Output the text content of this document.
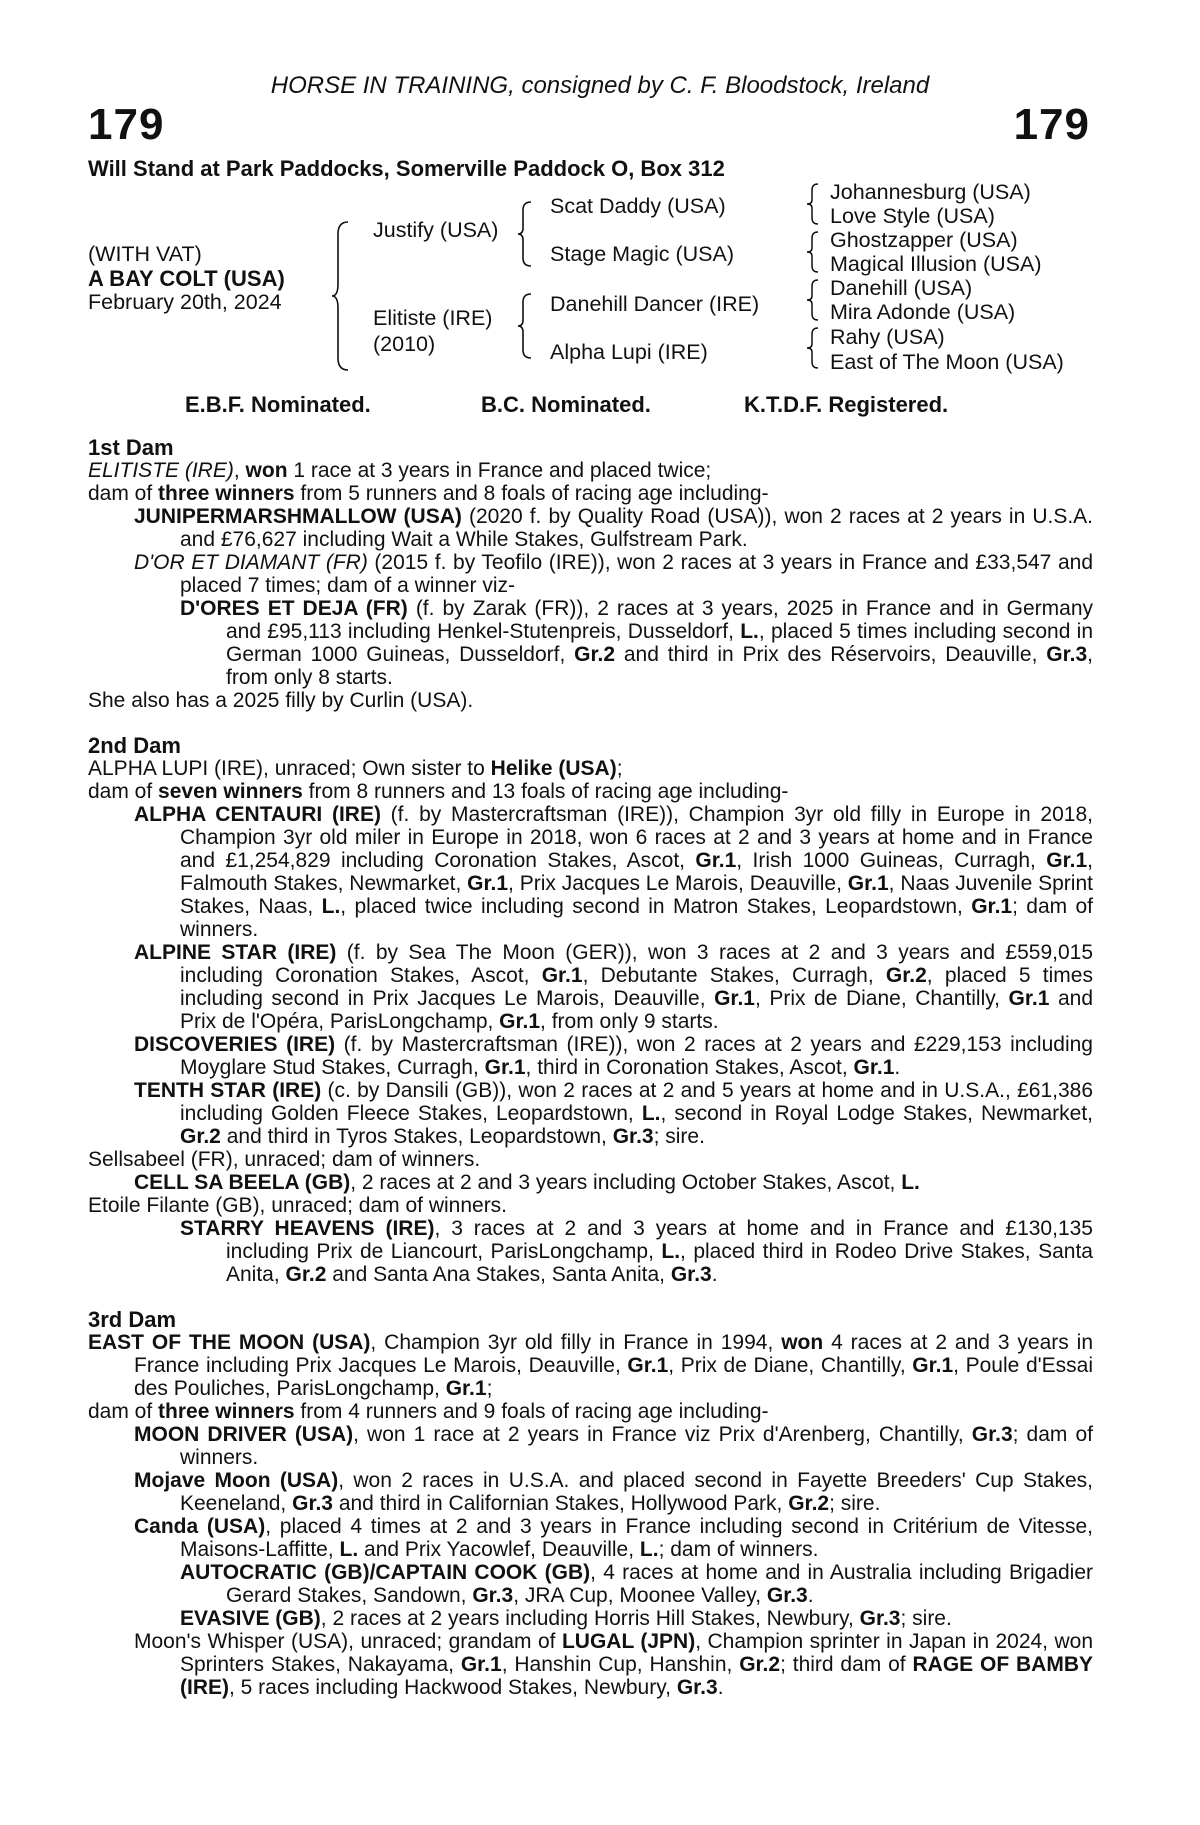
HORSE IN TRAINING, consigned by C. F. Bloodstock, Ireland
179	179
Will Stand at Park Paddocks, Somerville Paddock O, Box 312
(WITH VAT)
A BAY COLT (USA)
February 20th, 2024
Justify (USA)
Elitiste (IRE)
(2010)
Scat Daddy (USA)
Stage Magic (USA)
Danehill Dancer (IRE)
Alpha Lupi (IRE)
Johannesburg (USA)
Love Style (USA)
Ghostzapper (USA)
Magical Illusion (USA)
Danehill (USA)
Mira Adonde (USA)
Rahy (USA)
East of The Moon (USA)
E.B.F. Nominated.	B.C. Nominated.	K.T.D.F. Registered.
1st Dam
ELITISTE (IRE), won 1 race at 3 years in France and placed twice;
dam of three winners from 5 runners and 8 foals of racing age including-
JUNIPERMARSHMALLOW (USA) (2020 f. by Quality Road (USA)), won 2 races at 2 years in U.S.A. and £76,627 including Wait a While Stakes, Gulfstream Park.
D'OR ET DIAMANT (FR) (2015 f. by Teofilo (IRE)), won 2 races at 3 years in France and £33,547 and placed 7 times; dam of a winner viz-
D'ORES ET DEJA (FR) (f. by Zarak (FR)), 2 races at 3 years, 2025 in France and in Germany and £95,113 including Henkel-Stutenpreis, Dusseldorf, L., placed 5 times including second in German 1000 Guineas, Dusseldorf, Gr.2 and third in Prix des Réservoirs, Deauville, Gr.3, from only 8 starts.
She also has a 2025 filly by Curlin (USA).
2nd Dam
ALPHA LUPI (IRE), unraced; Own sister to Helike (USA);
dam of seven winners from 8 runners and 13 foals of racing age including-
ALPHA CENTAURI (IRE) (f. by Mastercraftsman (IRE)), Champion 3yr old filly in Europe in 2018, Champion 3yr old miler in Europe in 2018, won 6 races at 2 and 3 years at home and in France and £1,254,829 including Coronation Stakes, Ascot, Gr.1, Irish 1000 Guineas, Curragh, Gr.1, Falmouth Stakes, Newmarket, Gr.1, Prix Jacques Le Marois, Deauville, Gr.1, Naas Juvenile Sprint Stakes, Naas, L., placed twice including second in Matron Stakes, Leopardstown, Gr.1; dam of winners.
ALPINE STAR (IRE) (f. by Sea The Moon (GER)), won 3 races at 2 and 3 years and £559,015 including Coronation Stakes, Ascot, Gr.1, Debutante Stakes, Curragh, Gr.2, placed 5 times including second in Prix Jacques Le Marois, Deauville, Gr.1, Prix de Diane, Chantilly, Gr.1 and Prix de l'Opéra, ParisLongchamp, Gr.1, from only 9 starts.
DISCOVERIES (IRE) (f. by Mastercraftsman (IRE)), won 2 races at 2 years and £229,153 including Moyglare Stud Stakes, Curragh, Gr.1, third in Coronation Stakes, Ascot, Gr.1.
TENTH STAR (IRE) (c. by Dansili (GB)), won 2 races at 2 and 5 years at home and in U.S.A., £61,386 including Golden Fleece Stakes, Leopardstown, L., second in Royal Lodge Stakes, Newmarket, Gr.2 and third in Tyros Stakes, Leopardstown, Gr.3; sire.
Sellsabeel (FR), unraced; dam of winners.
CELL SA BEELA (GB), 2 races at 2 and 3 years including October Stakes, Ascot, L.
Etoile Filante (GB), unraced; dam of winners.
STARRY HEAVENS (IRE), 3 races at 2 and 3 years at home and in France and £130,135 including Prix de Liancourt, ParisLongchamp, L., placed third in Rodeo Drive Stakes, Santa Anita, Gr.2 and Santa Ana Stakes, Santa Anita, Gr.3.
3rd Dam
EAST OF THE MOON (USA), Champion 3yr old filly in France in 1994, won 4 races at 2 and 3 years in France including Prix Jacques Le Marois, Deauville, Gr.1, Prix de Diane, Chantilly, Gr.1, Poule d'Essai des Pouliches, ParisLongchamp, Gr.1;
dam of three winners from 4 runners and 9 foals of racing age including-
MOON DRIVER (USA), won 1 race at 2 years in France viz Prix d'Arenberg, Chantilly, Gr.3; dam of winners.
Mojave Moon (USA), won 2 races in U.S.A. and placed second in Fayette Breeders' Cup Stakes, Keeneland, Gr.3 and third in Californian Stakes, Hollywood Park, Gr.2; sire.
Canda (USA), placed 4 times at 2 and 3 years in France including second in Critérium de Vitesse, Maisons-Laffitte, L. and Prix Yacowlef, Deauville, L.; dam of winners.
AUTOCRATIC (GB)/CAPTAIN COOK (GB), 4 races at home and in Australia including Brigadier Gerard Stakes, Sandown, Gr.3, JRA Cup, Moonee Valley, Gr.3.
EVASIVE (GB), 2 races at 2 years including Horris Hill Stakes, Newbury, Gr.3; sire.
Moon's Whisper (USA), unraced; grandam of LUGAL (JPN), Champion sprinter in Japan in 2024, won Sprinters Stakes, Nakayama, Gr.1, Hanshin Cup, Hanshin, Gr.2; third dam of RAGE OF BAMBY (IRE), 5 races including Hackwood Stakes, Newbury, Gr.3.
